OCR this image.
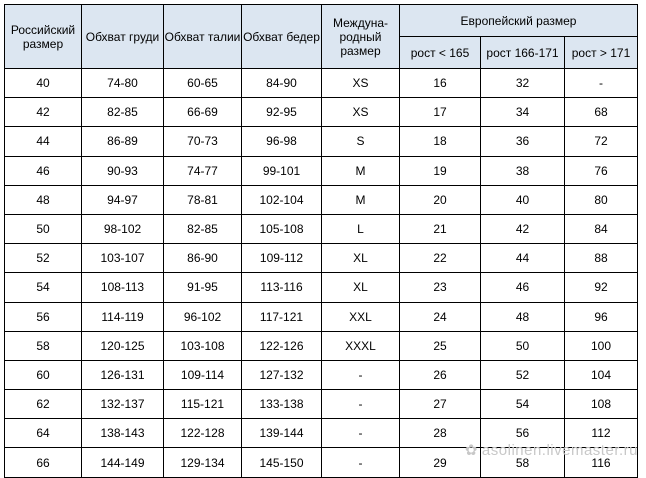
Российский размер	Обхват груди	Обхват талии	Обхват бедер	Междуна-родный размер	Европейский размер		
					рост < 165	рост 166-171	рост > 171
40	74-80	60-65	84-90	XS	16	32	-
42	82-85	66-69	92-95	XS	17	34	68
44	86-89	70-73	96-98	S	18	36	72
46	90-93	74-77	99-101	M	19	38	76
48	94-97	78-81	102-104	M	20	40	80
50	98-102	82-85	105-108	L	21	42	84
52	103-107	86-90	109-112	XL	22	44	88
54	108-113	91-95	113-116	XL	23	46	92
56	114-119	96-102	117-121	XXL	24	48	96
58	120-125	103-108	122-126	XXXL	25	50	100
60	126-131	109-114	127-132	-	26	52	104
62	132-137	115-121	133-138	-	27	54	108
64	138-143	122-128	139-144	-	28	56	112
66	144-149	129-134	145-150	-	29	58	116
✿ asolinen.livemaster.ru
